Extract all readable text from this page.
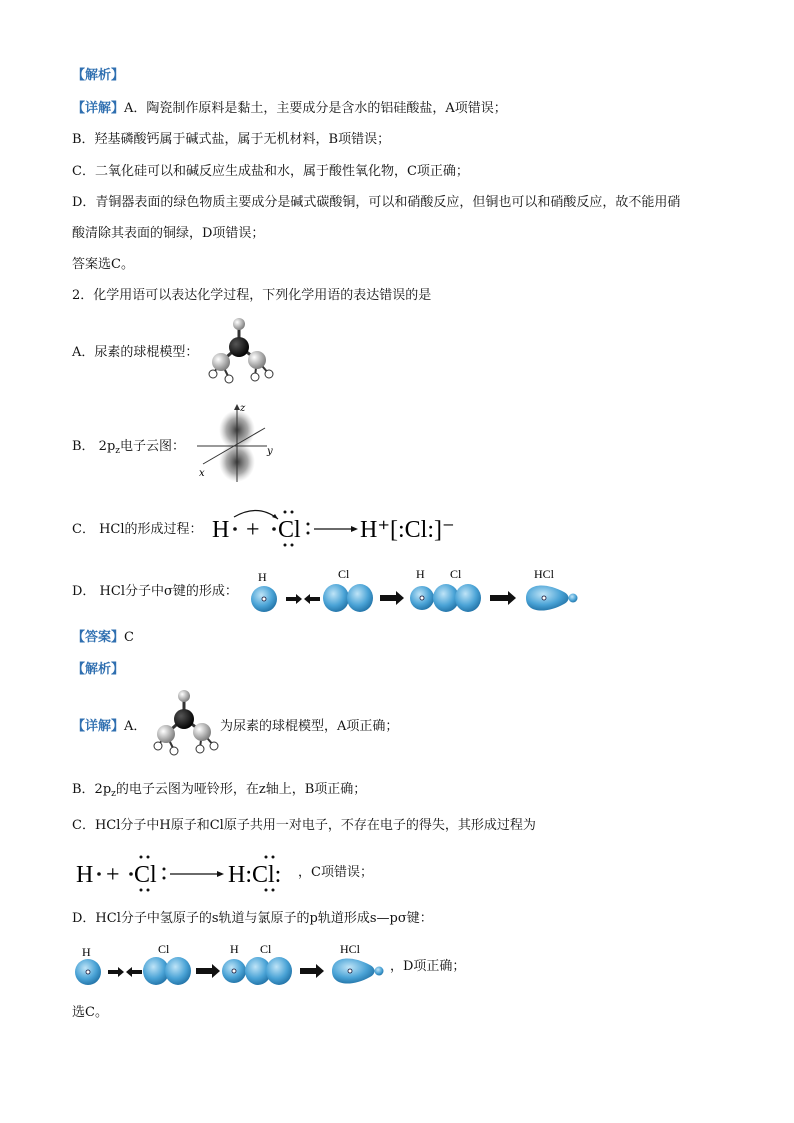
【解析】
【详解】A．陶瓷制作原料是黏土，主要成分是含水的铝硅酸盐，A项错误；
B．羟基磷酸钙属于碱式盐，属于无机材料，B项错误；
C．二氧化硅可以和碱反应生成盐和水，属于酸性氧化物，C项正确；
D．青铜器表面的绿色物质主要成分是碱式碳酸铜，可以和硝酸反应，但铜也可以和硝酸反应，故不能用硝
酸清除其表面的铜绿，D项错误；
答案选C。
2．化学用语可以表达化学过程，下列化学用语的表达错误的是
A．尿素的球棍模型：
B． $2p_z$电子云图：
z
y
x
C． HCl的形成过程： H + Cl H⁺[:Cl:]⁻
D． HCl分子中σ键的形成：
H	Cl	H Cl	HCl
【答案】C
【解析】
【详解】A．	为尿素的球棍模型，A项正确；
B．$2p_z$的电子云图为哑铃形，在z轴上，B项正确；
C．HCl分子中H原子和Cl原子共用一对电子，不存在电子的得失，其形成过程为
H + Cl	H:Cl: ，C项错误；
D．HCl分子中氢原子的s轨道与氯原子的p轨道形成s—pσ键：
H	Cl	H Cl	HCl
，D项正确；
选C。
